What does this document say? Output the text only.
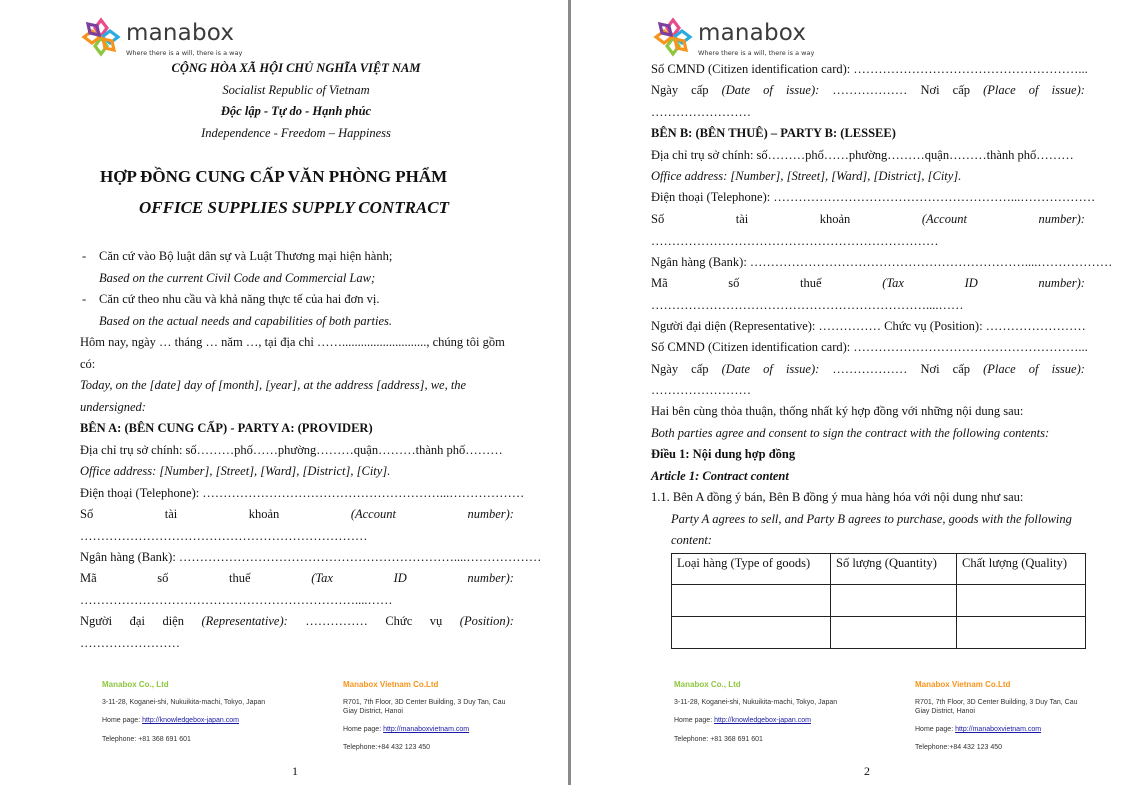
manabox
Where there is a will, there is a way
CỘNG HÒA XÃ HỘI CHỦ NGHĨA VIỆT NAM
Socialist Republic of Vietnam
Độc lập - Tự do - Hạnh phúc
Independence - Freedom – Happiness
HỢP ĐỒNG CUNG CẤP VĂN PHÒNG PHẨM
OFFICE SUPPLIES SUPPLY CONTRACT
- Căn cứ vào Bộ luật dân sự và Luật Thương mại hiện hành;
Based on the current Civil Code and Commercial Law;
- Căn cứ theo nhu cầu và khả năng thực tế của hai đơn vị.
Based on the actual needs and capabilities of both parties.
Hôm nay, ngày … tháng … năm …, tại địa chỉ ……..........................., chúng tôi gồm
có:
Today, on the [date] day of [month], [year], at the address [address], we, the
undersigned:
BÊN A: (BÊN CUNG CẤP) - PARTY A: (PROVIDER)
Địa chỉ trụ sở chính: số………phố……phường………quận………thành phố………
Office address: [Number], [Street], [Ward], [District], [City].
Điện thoại (Telephone): …………………………………………………...………………
Số	tài	khoản	(Account	number):
……………………………………………………………
Ngân hàng (Bank): …………………………………………………………....………………
Mã	số	thuế	(Tax	ID	number):
…………………………………………………………....……
Người đại diện (Representative): …………… Chức vụ (Position):
……………………
Manabox Co., Ltd
3-11-28, Koganei-shi, Nukuikita-machi, Tokyo, Japan
Home page: http://knowledgebox-japan.com
Telephone: +81 368 691 601
Manabox Vietnam Co.Ltd
R701, 7th Floor, 3D Center Building, 3 Duy Tan, Cau
Giay District, Hanoi
Home page: http://manaboxvietnam.com
Telephone:+84 432 123 450
1
manabox
Where there is a will, there is a way
Số CMND (Citizen identification card): ………………………………………………...
Ngày cấp (Date of issue): ……………… Nơi cấp (Place of issue):
……………………
BÊN B: (BÊN THUÊ) – PARTY B: (LESSEE)
Địa chỉ trụ sở chính: số………phố……phường………quận………thành phố………
Office address: [Number], [Street], [Ward], [District], [City].
Điện thoại (Telephone): …………………………………………………...………………
Số	tài	khoản	(Account	number):
……………………………………………………………
Ngân hàng (Bank): …………………………………………………………....………………
Mã	số	thuế	(Tax	ID	number):
…………………………………………………………....……
Người đại diện (Representative): …………… Chức vụ (Position): ……………………
Số CMND (Citizen identification card): ………………………………………………...
Ngày cấp (Date of issue): ……………… Nơi cấp (Place of issue):
……………………
Hai bên cùng thỏa thuận, thống nhất ký hợp đồng với những nội dung sau:
Both parties agree and consent to sign the contract with the following contents:
Điều 1: Nội dung hợp đồng
Article 1: Contract content
1.1. Bên A đồng ý bán, Bên B đồng ý mua hàng hóa với nội dung như sau:
Party A agrees to sell, and Party B agrees to purchase, goods with the following
content:
Loại hàng (Type of goods)	Số lượng (Quantity)	Chất lượng (Quality)

Manabox Co., Ltd
3-11-28, Koganei-shi, Nukuikita-machi, Tokyo, Japan
Home page: http://knowledgebox-japan.com
Telephone: +81 368 691 601
Manabox Vietnam Co.Ltd
R701, 7th Floor, 3D Center Building, 3 Duy Tan, Cau
Giay District, Hanoi
Home page: http://manaboxvietnam.com
Telephone:+84 432 123 450
2
